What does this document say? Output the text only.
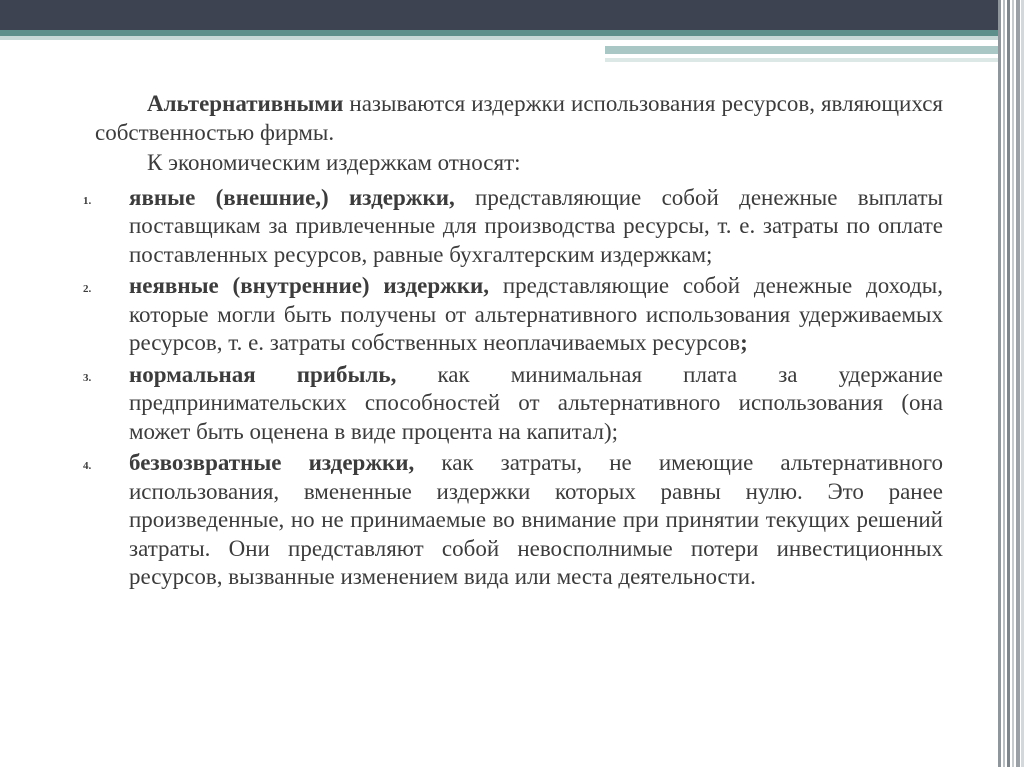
Альтернативными называются издержки использования ресурсов, являющихся собственностью фирмы.

К экономическим издержкам относят:

1. явные (внешние,) издержки, представляющие собой денежные выплаты поставщикам за привлеченные для производства ресурсы, т. е. затраты по оплате поставленных ресурсов, равные бухгалтерским издержкам;
2. неявные (внутренние) издержки, представляющие собой денежные доходы, которые могли быть получены от альтернативного использования удерживаемых ресурсов, т. е. затраты собственных неоплачиваемых ресурсов;
3. нормальная прибыль, как минимальная плата за удержание предпринимательских способностей от альтернативного использования (она может быть оценена в виде процента на капитал);
4. безвозвратные издержки, как затраты, не имеющие альтернативного использования, вмененные издержки которых равны нулю. Это ранее произведенные, но не принимаемые во внимание при принятии текущих решений затраты. Они представляют собой невосполнимые потери инвестиционных ресурсов, вызванные изменением вида или места деятельности.
